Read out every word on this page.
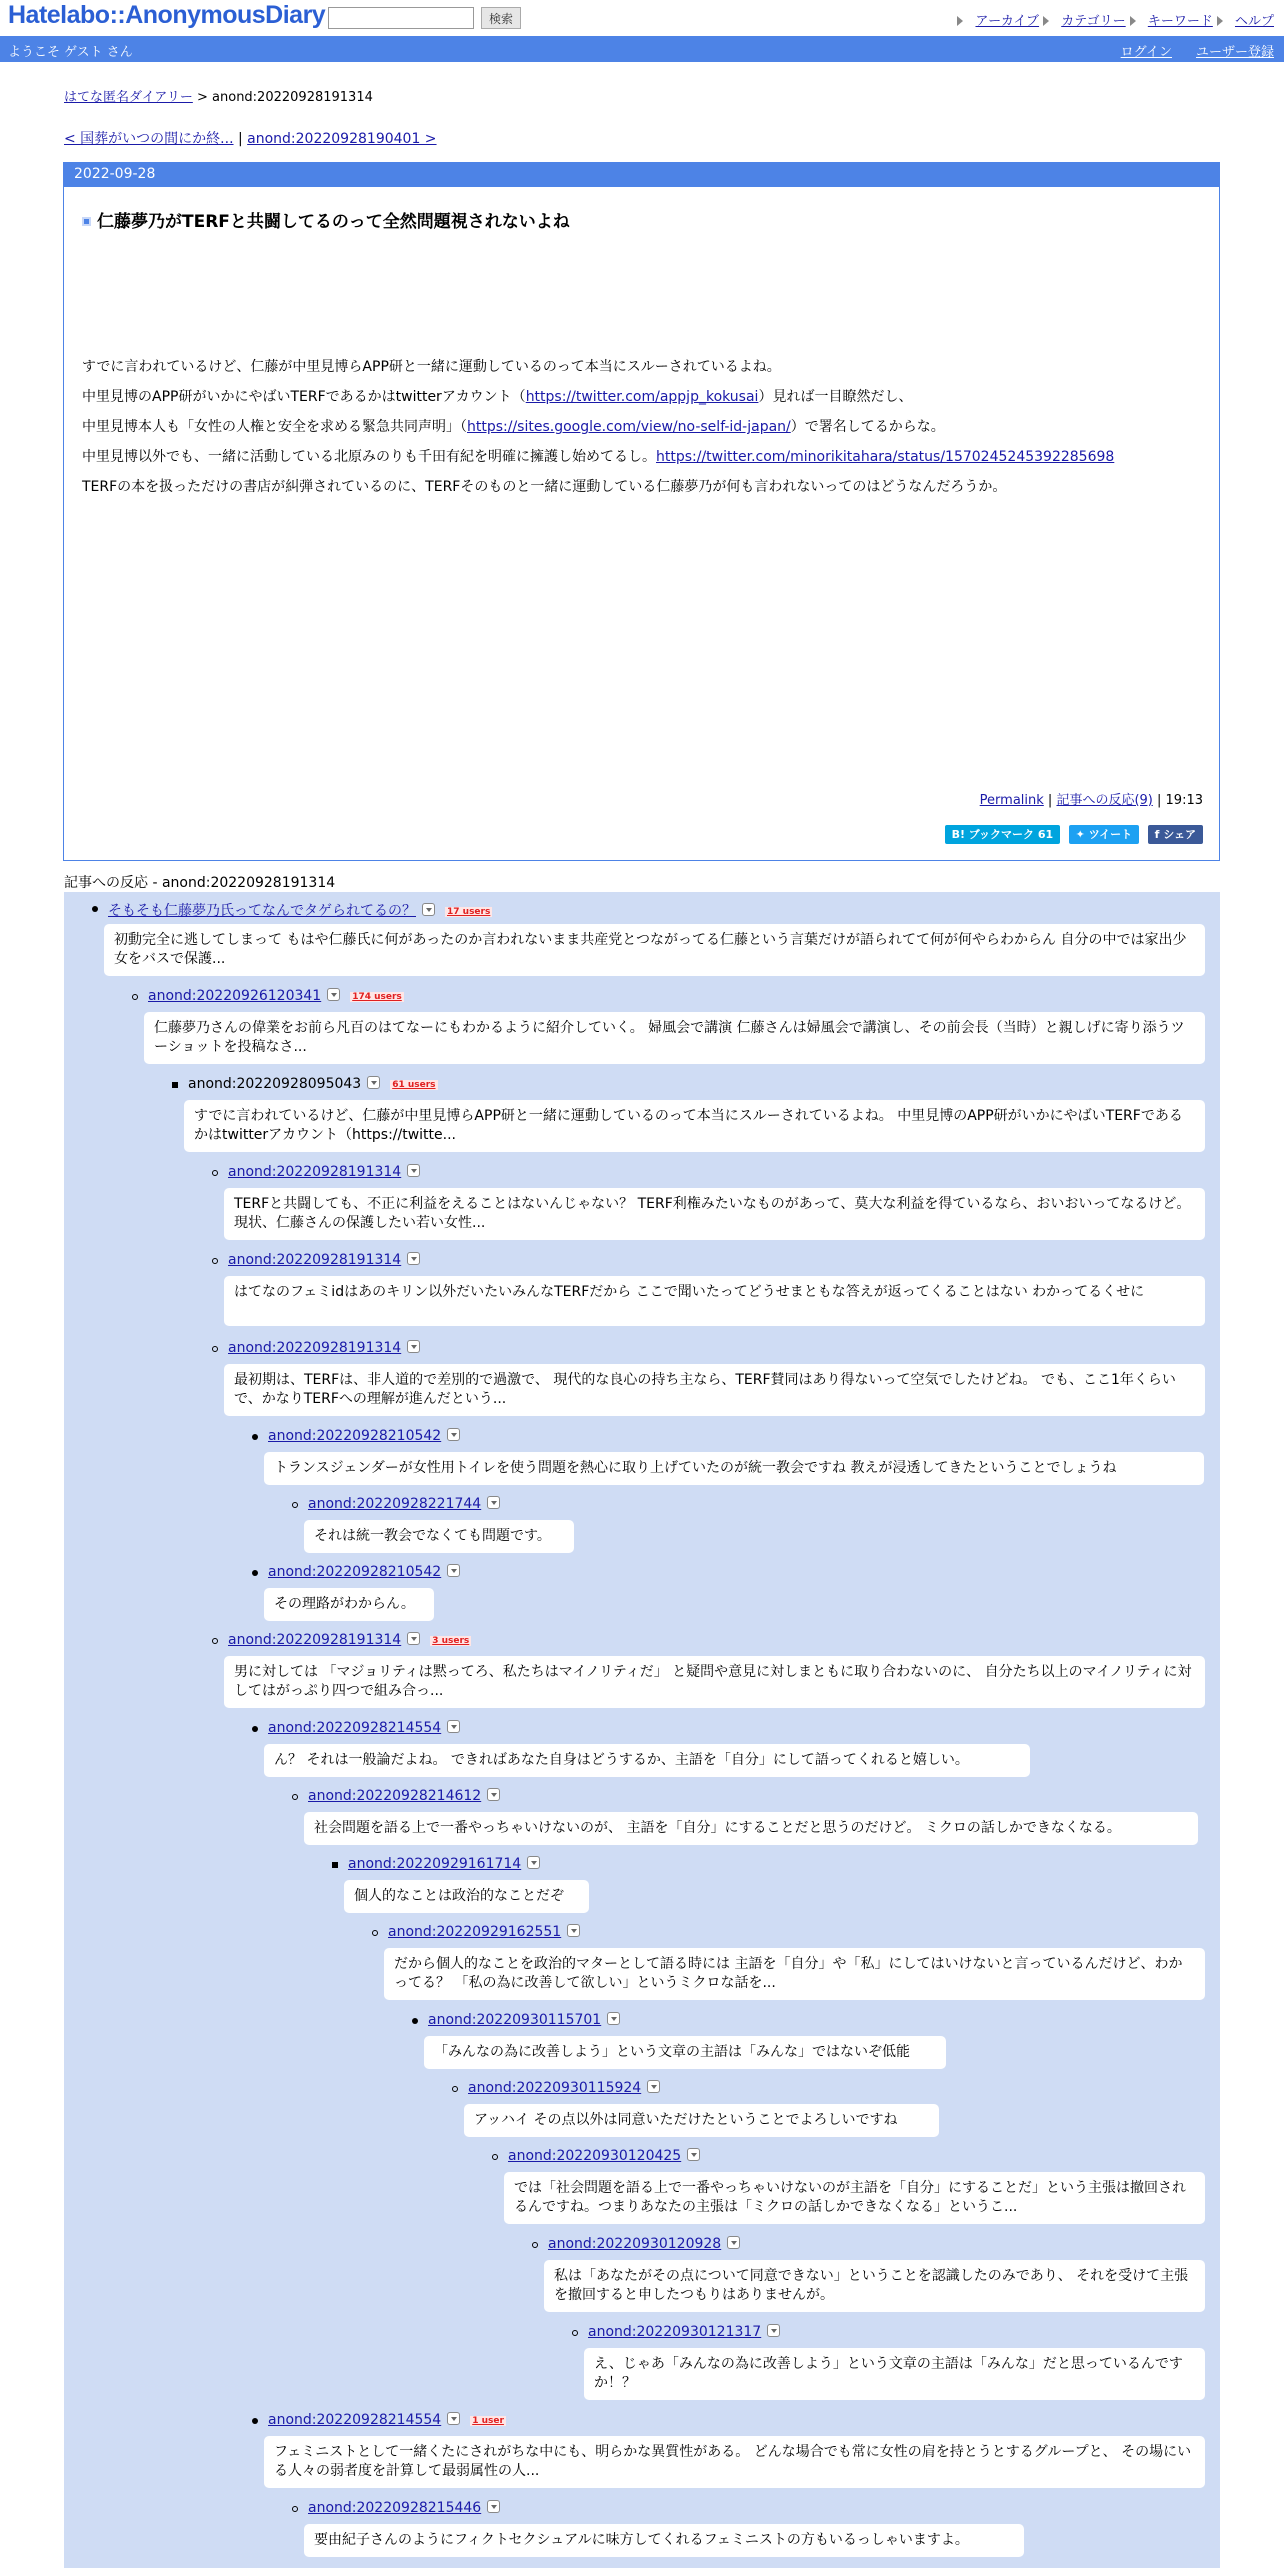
Hatelabo::AnonymousDiary	検索	アーカイブ カテゴリー キーワード ヘルプ
ようこそ ゲスト さん	ログイン ユーザー登録
はてな匿名ダイアリー > anond:20220928191314
< 国葬がいつの間にか終... | anond:20220928190401 >
2022-09-28
仁藤夢乃がTERFと共闘してるのって全然問題視されないよね
すでに言われているけど、仁藤が中里見博らAPP研と一緒に運動しているのって本当にスルーされているよね。
中里見博のAPP研がいかにやばいTERFであるかはtwitterアカウント（https://twitter.com/appjp_kokusai）見れば一目瞭然だし、
中里見博本人も「女性の人権と安全を求める緊急共同声明」（https://sites.google.com/view/no-self-id-japan/）で署名してるからな。
中里見博以外でも、一緒に活動している北原みのりも千田有紀を明確に擁護し始めてるし。https://twitter.com/minorikitahara/status/1570245245392285698
TERFの本を扱っただけの書店が糾弾されているのに、TERFそのものと一緒に運動している仁藤夢乃が何も言われないってのはどうなんだろうか。
Permalink | 記事への反応(9) | 19:13
B! ブックマーク 61 ✦ ツイート f シェア
記事への反応 - anond:20220928191314
そもそも仁藤夢乃氏ってなんでタゲられてるの？	17 users
初動完全に逃してしまって もはや仁藤氏に何があったのか言われないまま共産党とつながってる仁藤という言葉だけが語られてて何が何やらわからん 自分の中では家出少女をバスで保護...
anond:20220926120341	174 users
仁藤夢乃さんの偉業をお前ら凡百のはてなーにもわかるように紹介していく。 婦風会で講演 仁藤さんは婦風会で講演し、その前会長（当時）と親しげに寄り添うツーショットを投稿なさ...
anond:20220928095043	61 users
すでに言われているけど、仁藤が中里見博らAPP研と一緒に運動しているのって本当にスルーされているよね。 中里見博のAPP研がいかにやばいTERFであるかはtwitterアカウント（https://twitte...
anond:20220928191314
TERFと共闘しても、不正に利益をえることはないんじゃない？ TERF利権みたいなものがあって、莫大な利益を得ているなら、おいおいってなるけど。 現状、仁藤さんの保護したい若い女性...
anond:20220928191314
はてなのフェミidはあのキリン以外だいたいみんなTERFだから ここで聞いたってどうせまともな答えが返ってくることはない わかってるくせに
anond:20220928191314
最初期は、TERFは、非人道的で差別的で過激で、 現代的な良心の持ち主なら、TERF賛同はあり得ないって空気でしたけどね。 でも、ここ1年くらいで、かなりTERFへの理解が進んだという...
anond:20220928210542
トランスジェンダーが女性用トイレを使う問題を熱心に取り上げていたのが統一教会ですね 教えが浸透してきたということでしょうね
anond:20220928221744
それは統一教会でなくても問題です。
anond:20220928210542
その理路がわからん。
anond:20220928191314	3 users
男に対しては 「マジョリティは黙ってろ、私たちはマイノリティだ」 と疑問や意見に対しまともに取り合わないのに、 自分たち以上のマイノリティに対してはがっぷり四つで組み合っ...
anond:20220928214554
ん？ それは一般論だよね。 できればあなた自身はどうするか、主語を「自分」にして語ってくれると嬉しい。
anond:20220928214612
社会問題を語る上で一番やっちゃいけないのが、 主語を「自分」にすることだと思うのだけど。 ミクロの話しかできなくなる。
anond:20220929161714
個人的なことは政治的なことだぞ
anond:20220929162551
だから個人的なことを政治的マターとして語る時には 主語を「自分」や「私」にしてはいけないと言っているんだけど、わかってる？ 「私の為に改善して欲しい」というミクロな話を...
anond:20220930115701
「みんなの為に改善しよう」という文章の主語は「みんな」ではないぞ低能
anond:20220930115924
アッハイ その点以外は同意いただけたということでよろしいですね
anond:20220930120425
では「社会問題を語る上で一番やっちゃいけないのが主語を「自分」にすることだ」という主張は撤回されるんですね。つまりあなたの主張は「ミクロの話しかできなくなる」というこ...
anond:20220930120928
私は「あなたがその点について同意できない」ということを認識したのみであり、 それを受けて主張を撤回すると申したつもりはありませんが。
anond:20220930121317
え、じゃあ「みんなの為に改善しよう」という文章の主語は「みんな」だと思っているんですか！？
anond:20220928214554	1 user
フェミニストとして一緒くたにされがちな中にも、明らかな異質性がある。 どんな場合でも常に女性の肩を持とうとするグループと、 その場にいる人々の弱者度を計算して最弱属性の人...
anond:20220928215446
要由紀子さんのようにフィクトセクシュアルに味方してくれるフェミニストの方もいるっしゃいますよ。
